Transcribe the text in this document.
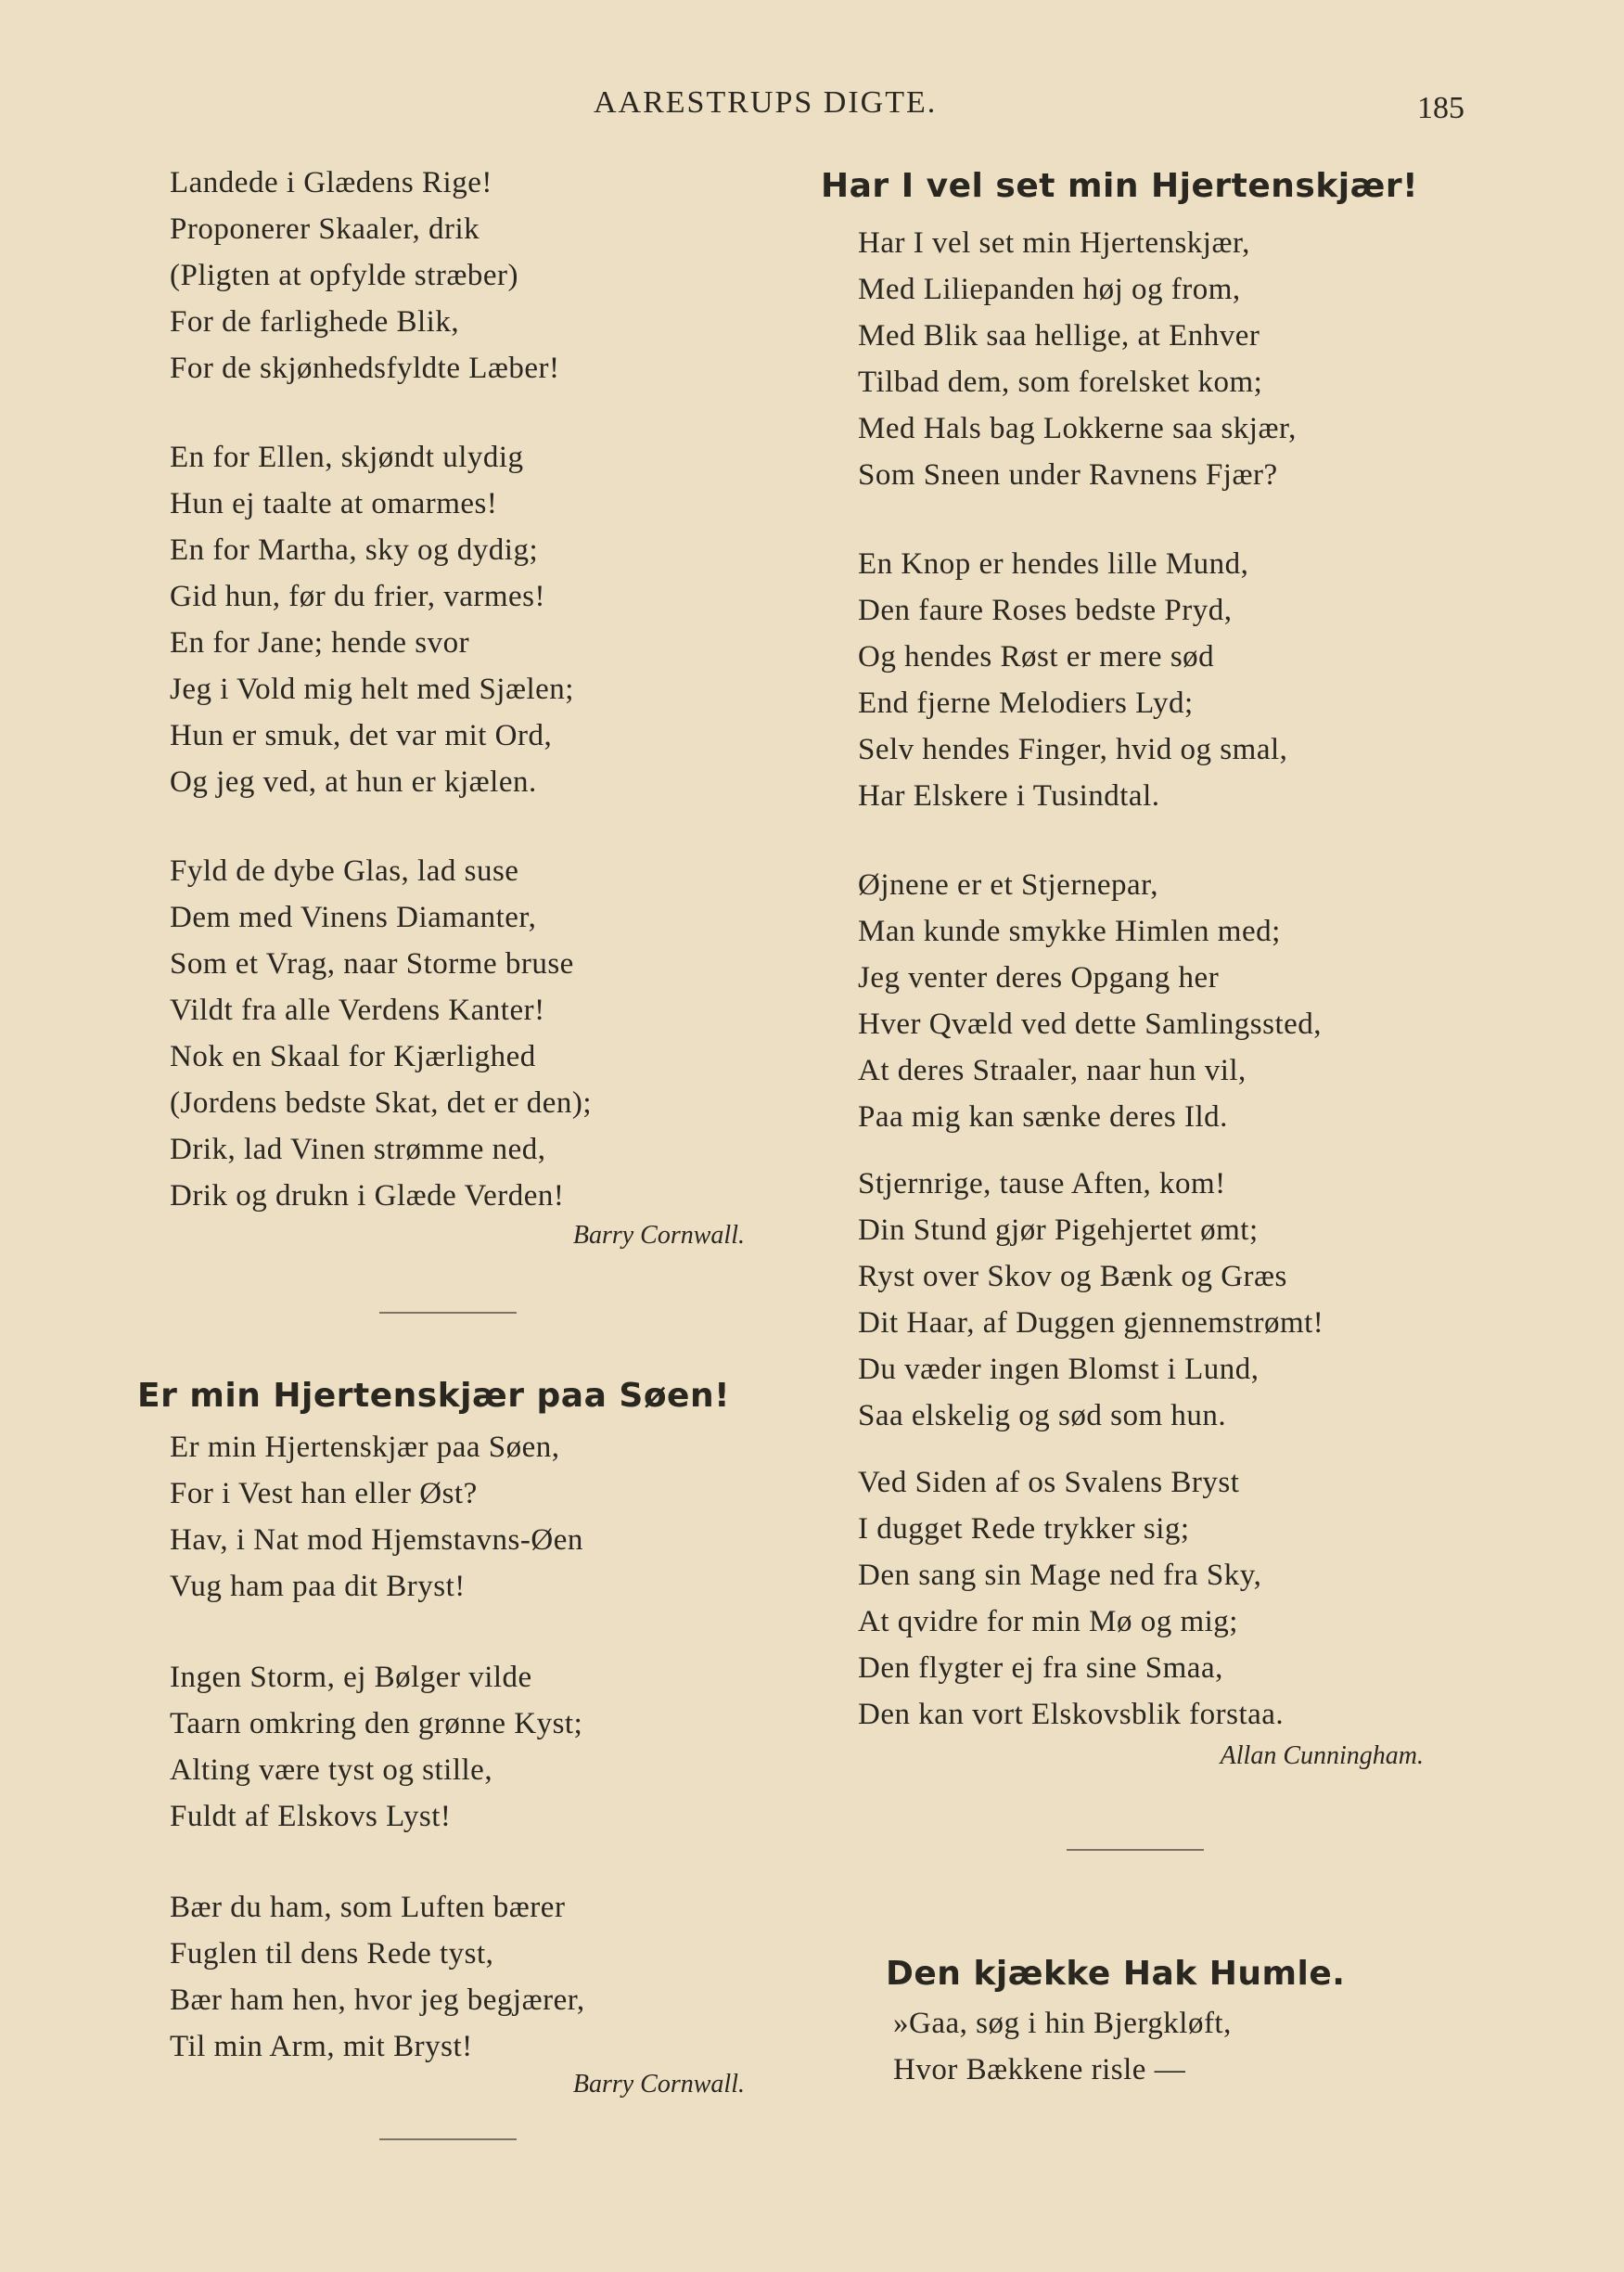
AARESTRUPS DIGTE.	185
Landede i Glædens Rige!
Proponerer Skaaler, drik
(Pligten at opfylde stræber)
For de farlighede Blik,
For de skjønhedsfyldte Læber!
En for Ellen, skjøndt ulydig
Hun ej taalte at omarmes!
En for Martha, sky og dydig;
Gid hun, før du frier, varmes!
En for Jane; hende svor
Jeg i Vold mig helt med Sjælen;
Hun er smuk, det var mit Ord,
Og jeg ved, at hun er kjælen.
Fyld de dybe Glas, lad suse
Dem med Vinens Diamanter,
Som et Vrag, naar Storme bruse
Vildt fra alle Verdens Kanter!
Nok en Skaal for Kjærlighed
(Jordens bedste Skat, det er den);
Drik, lad Vinen strømme ned,
Drik og drukn i Glæde Verden!
Barry Cornwall.
Er min Hjertenskjær paa Søen!
Er min Hjertenskjær paa Søen,
For i Vest han eller Øst?
Hav, i Nat mod Hjemstavns-Øen
Vug ham paa dit Bryst!
Ingen Storm, ej Bølger vilde
Taarn omkring den grønne Kyst;
Alting være tyst og stille,
Fuldt af Elskovs Lyst!
Bær du ham, som Luften bærer
Fuglen til dens Rede tyst,
Bær ham hen, hvor jeg begjærer,
Til min Arm, mit Bryst!
Barry Cornwall.
Har I vel set min Hjertenskjær!
Har I vel set min Hjertenskjær,
Med Liliepanden høj og from,
Med Blik saa hellige, at Enhver
Tilbad dem, som forelsket kom;
Med Hals bag Lokkerne saa skjær,
Som Sneen under Ravnens Fjær?
En Knop er hendes lille Mund,
Den faure Roses bedste Pryd,
Og hendes Røst er mere sød
End fjerne Melodiers Lyd;
Selv hendes Finger, hvid og smal,
Har Elskere i Tusindtal.
Øjnene er et Stjernepar,
Man kunde smykke Himlen med;
Jeg venter deres Opgang her
Hver Qvæld ved dette Samlingssted,
At deres Straaler, naar hun vil,
Paa mig kan sænke deres Ild.
Stjernrige, tause Aften, kom!
Din Stund gjør Pigehjertet ømt;
Ryst over Skov og Bænk og Græs
Dit Haar, af Duggen gjennemstrømt!
Du væder ingen Blomst i Lund,
Saa elskelig og sød som hun.
Ved Siden af os Svalens Bryst
I dugget Rede trykker sig;
Den sang sin Mage ned fra Sky,
At qvidre for min Mø og mig;
Den flygter ej fra sine Smaa,
Den kan vort Elskovsblik forstaa.
Allan Cunningham.
Den kjække Hak Humle.
»Gaa, søg i hin Bjergkløft,
Hvor Bækkene risle —
